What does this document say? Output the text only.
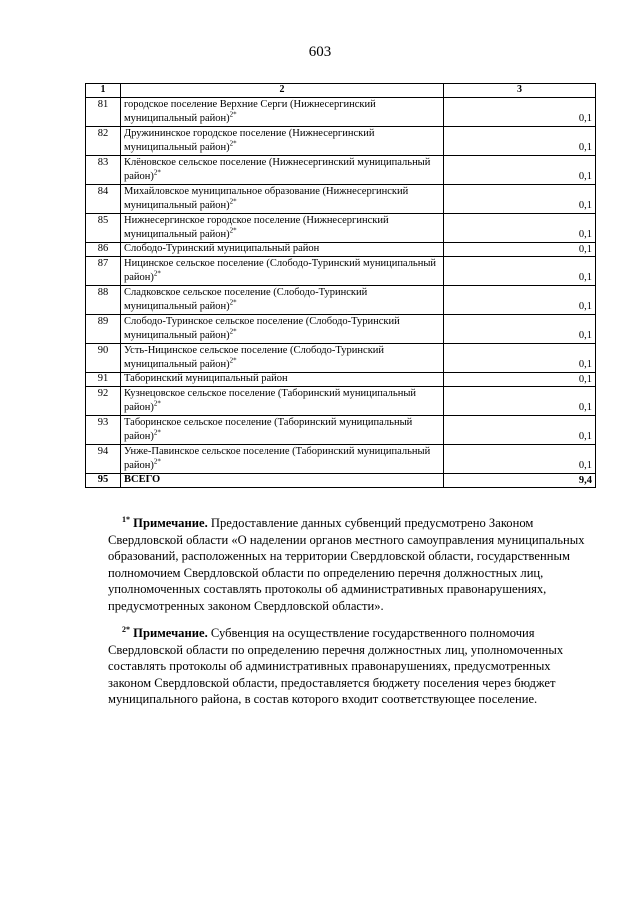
603
1	2	3
81	городское поселение Верхние Серги (Нижнесергинский муниципальный район)$^{2*}$	0,1
82	Дружининское городское поселение (Нижнесергинский муниципальный район)$^{2*}$	0,1
83	Клёновское сельское поселение (Нижнесергинский муниципальный район)$^{2*}$	0,1
84	Михайловское муниципальное образование (Нижнесергинский муниципальный район)$^{2*}$	0,1
85	Нижнесергинское городское поселение (Нижнесергинский муниципальный район)$^{2*}$	0,1
86	Слободо-Туринский муниципальный район	0,1
87	Ницинское сельское поселение (Слободо-Туринский муниципальный район)$^{2*}$	0,1
88	Сладковское сельское поселение (Слободо-Туринский муниципальный район)$^{2*}$	0,1
89	Слободо-Туринское сельское поселение (Слободо-Туринский муниципальный район)$^{2*}$	0,1
90	Усть-Ницинское сельское поселение (Слободо-Туринский муниципальный район)$^{2*}$	0,1
91	Таборинский муниципальный район	0,1
92	Кузнецовское сельское поселение (Таборинский муниципальный район)$^{2*}$	0,1
93	Таборинское сельское поселение (Таборинский муниципальный район)$^{2*}$	0,1
94	Унже-Павинское сельское поселение (Таборинский муниципальный район)$^{2*}$	0,1
95	ВСЕГО	9,4

$^{1*}$ Примечание. Предоставление данных субвенций предусмотрено Законом Свердловской области «О наделении органов местного самоуправления муниципальных образований, расположенных на территории Свердловской области, государственным полномочием Свердловской области по определению перечня должностных лиц, уполномоченных составлять протоколы об административных правонарушениях, предусмотренных законом Свердловской области».

$^{2*}$ Примечание. Субвенция на осуществление государственного полномочия Свердловской области по определению перечня должностных лиц, уполномоченных составлять протоколы об административных правонарушениях, предусмотренных законом Свердловской области, предоставляется бюджету поселения через бюджет муниципального района, в состав которого входит соответствующее поселение.
